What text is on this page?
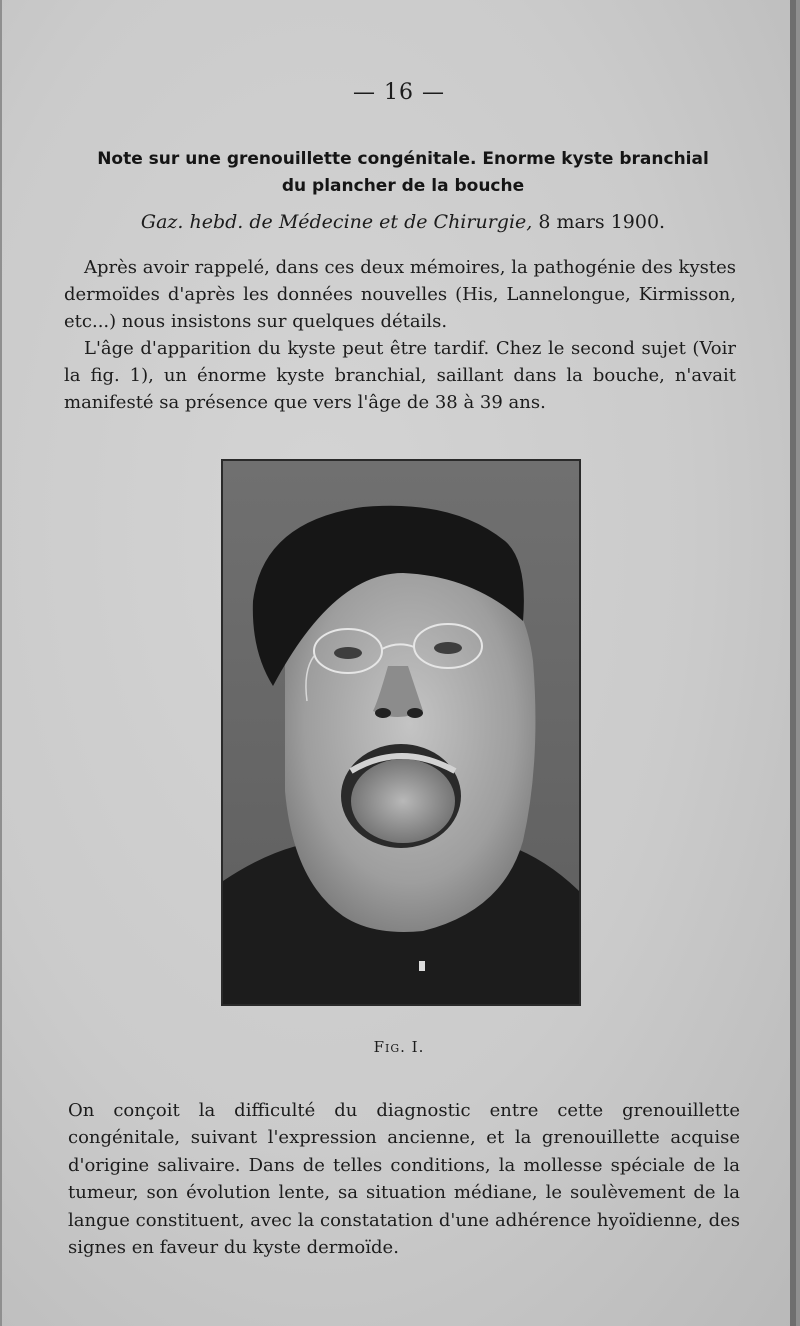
— 16 —
Note sur une grenouillette congénitale. Enorme kyste branchial
du plancher de la bouche
Gaz. hebd. de Médecine et de Chirurgie, 8 mars 1900.

Après avoir rappelé, dans ces deux mémoires, la pathogénie des kystes dermoïdes d'après les données nouvelles (His, Lannelongue, Kirmisson, etc...) nous insistons sur quelques détails.

L'âge d'apparition du kyste peut être tardif. Chez le second sujet (Voir la fig. 1), un énorme kyste branchial, saillant dans la bouche, n'avait manifesté sa présence que vers l'âge de 38 à 39 ans.

Fig. I.

On conçoit la difficulté du diagnostic entre cette grenouillette congénitale, suivant l'expression ancienne, et la grenouillette acquise d'origine salivaire. Dans de telles conditions, la mollesse spéciale de la tumeur, son évolution lente, sa situation médiane, le soulèvement de la langue constituent, avec la constatation d'une adhérence hyoïdienne, des signes en faveur du kyste dermoïde.
